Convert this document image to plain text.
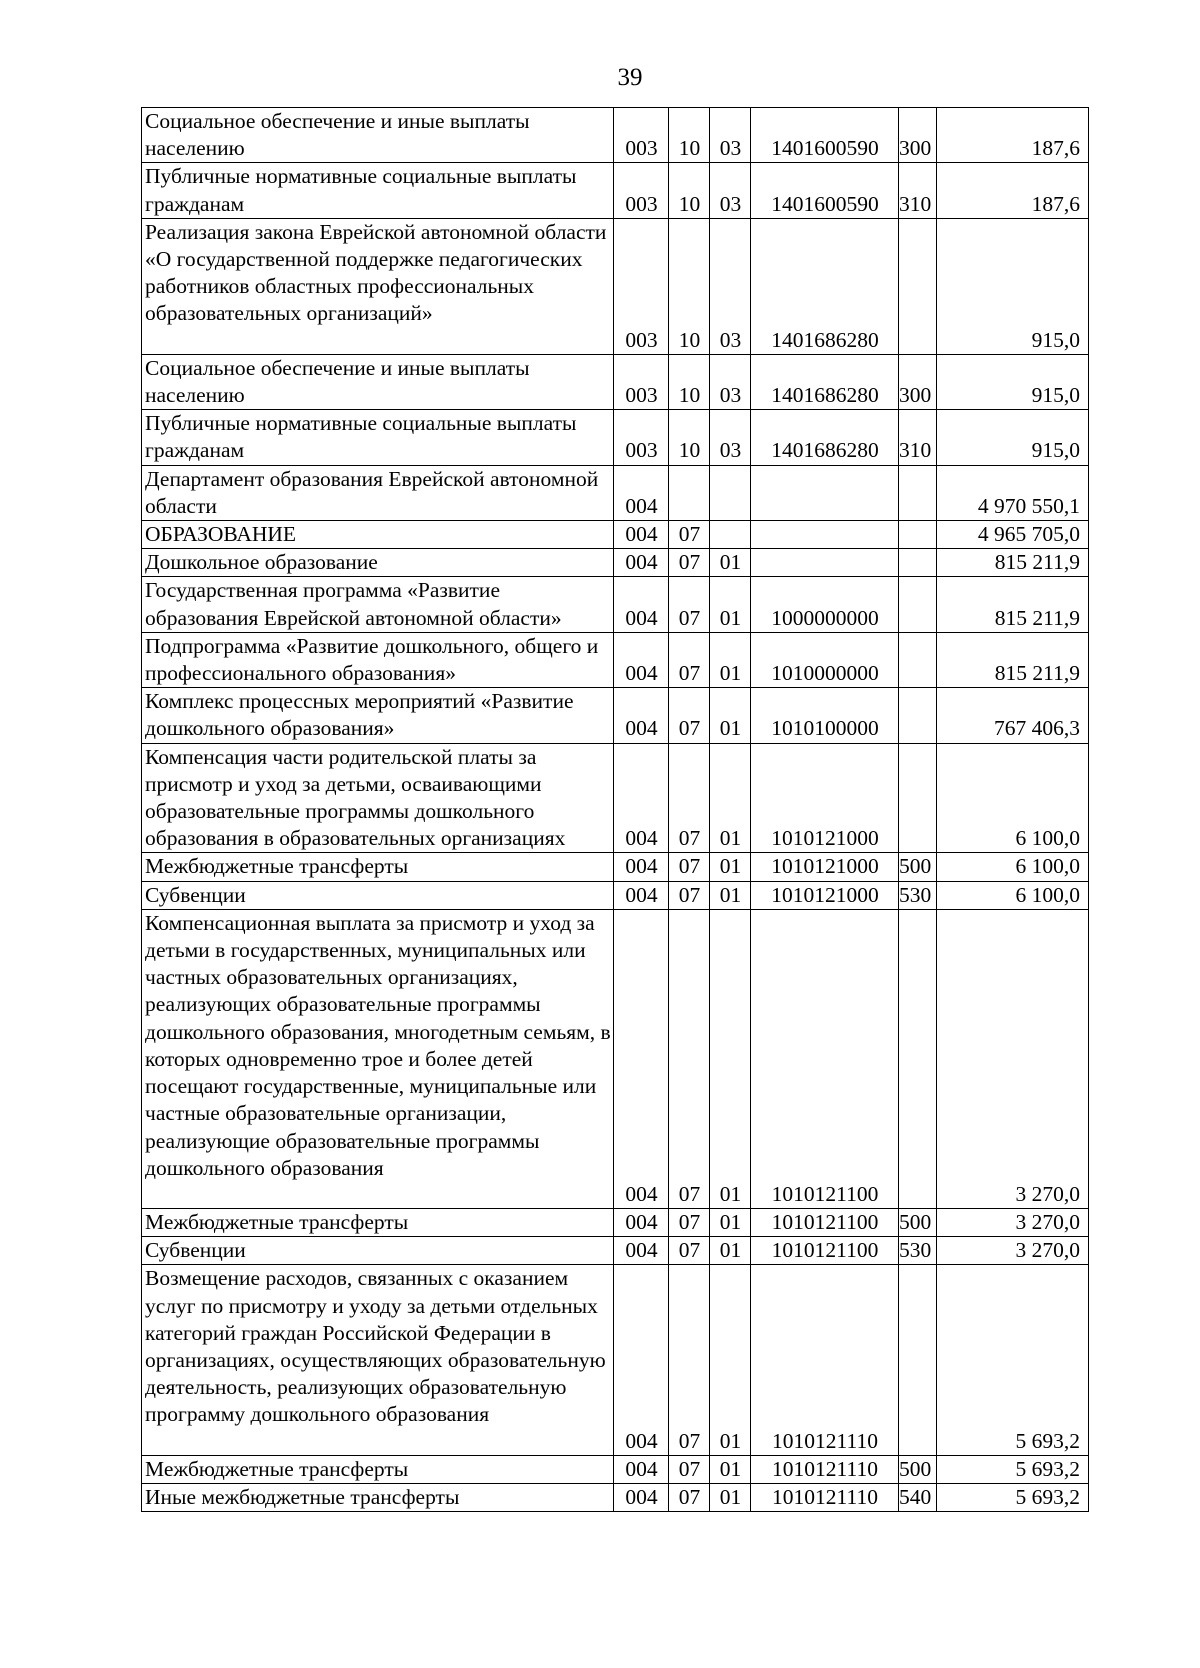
39
Социальное обеспечение и иные выплаты населению	003	10	03	1401600590	300	187,6
Публичные нормативные социальные выплаты гражданам	003	10	03	1401600590	310	187,6
Реализация закона Еврейской автономной области «О государственной поддержке педагогических работников областных профессиональных образовательных организаций»	003	10	03	1401686280		915,0
Социальное обеспечение и иные выплаты населению	003	10	03	1401686280	300	915,0
Публичные нормативные социальные выплаты гражданам	003	10	03	1401686280	310	915,0
Департамент образования Еврейской автономной области	004					4 970 550,1
ОБРАЗОВАНИЕ	004	07				4 965 705,0
Дошкольное образование	004	07	01			815 211,9
Государственная программа «Развитие образования Еврейской автономной области»	004	07	01	1000000000		815 211,9
Подпрограмма «Развитие дошкольного, общего и профессионального образования»	004	07	01	1010000000		815 211,9
Комплекс процессных мероприятий «Развитие дошкольного образования»	004	07	01	1010100000		767 406,3
Компенсация части родительской платы за присмотр и уход за детьми, осваивающими образовательные программы дошкольного образования в образовательных организациях	004	07	01	1010121000		6 100,0
Межбюджетные трансферты	004	07	01	1010121000	500	6 100,0
Субвенции	004	07	01	1010121000	530	6 100,0
Компенсационная выплата за присмотр и уход за детьми в государственных, муниципальных или частных образовательных организациях, реализующих образовательные программы дошкольного образования, многодетным семьям, в которых одновременно трое и более детей посещают государственные, муниципальные или частные образовательные организации, реализующие образовательные программы дошкольного образования	004	07	01	1010121100		3 270,0
Межбюджетные трансферты	004	07	01	1010121100	500	3 270,0
Субвенции	004	07	01	1010121100	530	3 270,0
Возмещение расходов, связанных с оказанием услуг по присмотру и уходу за детьми отдельных категорий граждан Российской Федерации в организациях, осуществляющих образовательную деятельность, реализующих образовательную программу дошкольного образования	004	07	01	1010121110		5 693,2
Межбюджетные трансферты	004	07	01	1010121110	500	5 693,2
Иные межбюджетные трансферты	004	07	01	1010121110	540	5 693,2
